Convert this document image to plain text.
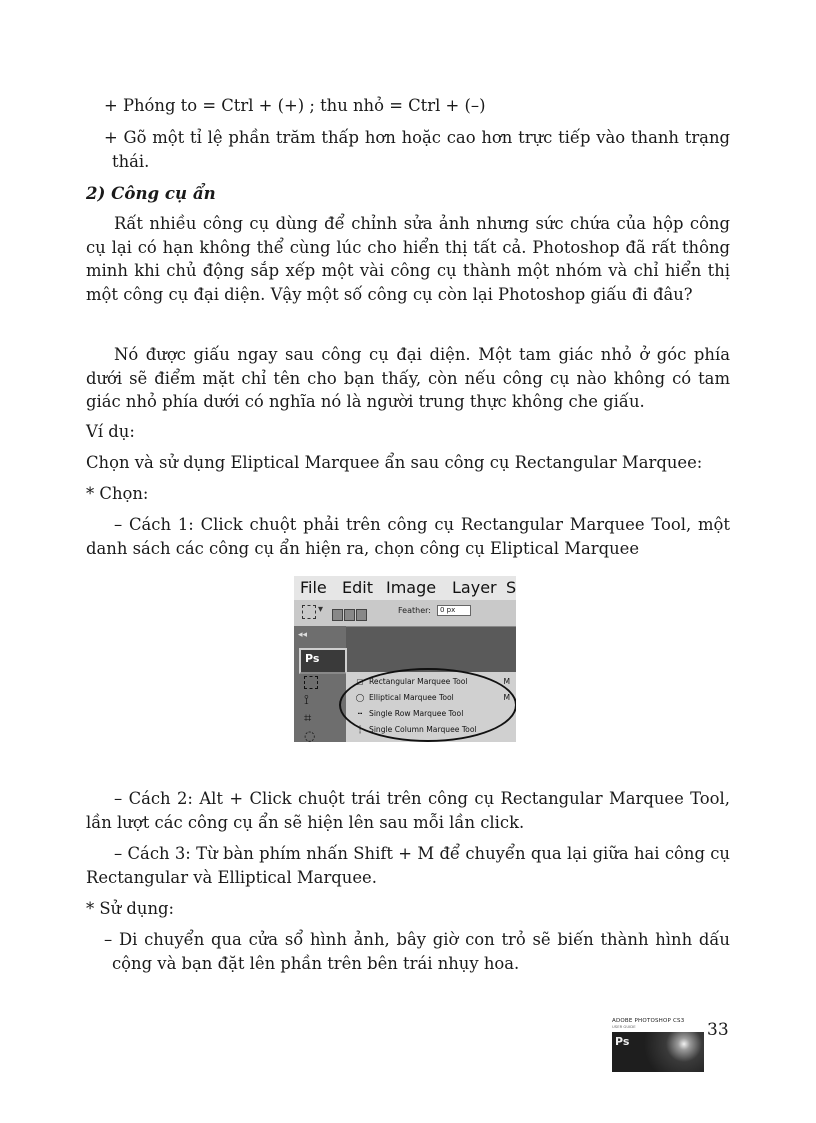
+ Phóng to = Ctrl + (+) ; thu nhỏ = Ctrl + (–)

+ Gõ một tỉ lệ phần trăm thấp hơn hoặc cao hơn trực tiếp vào thanh trạng thái.

2) Công cụ ẩn

Rất nhiều công cụ dùng để chỉnh sửa ảnh nhưng sức chứa của hộp công cụ lại có hạn không thể cùng lúc cho hiển thị tất cả. Photoshop đã rất thông minh khi chủ động sắp xếp một vài công cụ thành một nhóm và chỉ hiển thị một công cụ đại diện. Vậy một số công cụ còn lại Photoshop giấu đi đâu?

Nó được giấu ngay sau công cụ đại diện. Một tam giác nhỏ ở góc phía dưới sẽ điểm mặt chỉ tên cho bạn thấy, còn nếu công cụ nào không có tam giác nhỏ phía dưới có nghĩa nó là người trung thực không che giấu.

Ví dụ:

Chọn và sử dụng Eliptical Marquee ẩn sau công cụ Rectangular Marquee:

* Chọn:

– Cách 1: Click chuột phải trên công cụ Rectangular Marquee Tool, một danh sách các công cụ ẩn hiện ra, chọn công cụ Eliptical Marquee

File Edit Image Layer S
▾	Feather:	0 px
◂◂
Ps
⟟
⌗
◌
▢ Rectangular Marquee Tool	M
◯ Elliptical Marquee Tool	M
┅ Single Row Marquee Tool
┆ Single Column Marquee Tool

– Cách 2: Alt + Click chuột trái trên công cụ Rectangular Marquee Tool, lần lượt các công cụ ẩn sẽ hiện lên sau mỗi lần click.

– Cách 3: Từ bàn phím nhấn Shift + M để chuyển qua lại giữa hai công cụ Rectangular và Elliptical Marquee.

* Sử dụng:

– Di chuyển qua cửa sổ hình ảnh, bây giờ con trỏ sẽ biến thành hình dấu cộng và bạn đặt lên phần trên bên trái nhụy hoa.

ADOBE PHOTOSHOP CS3
USER GUIDE
Ps
33
